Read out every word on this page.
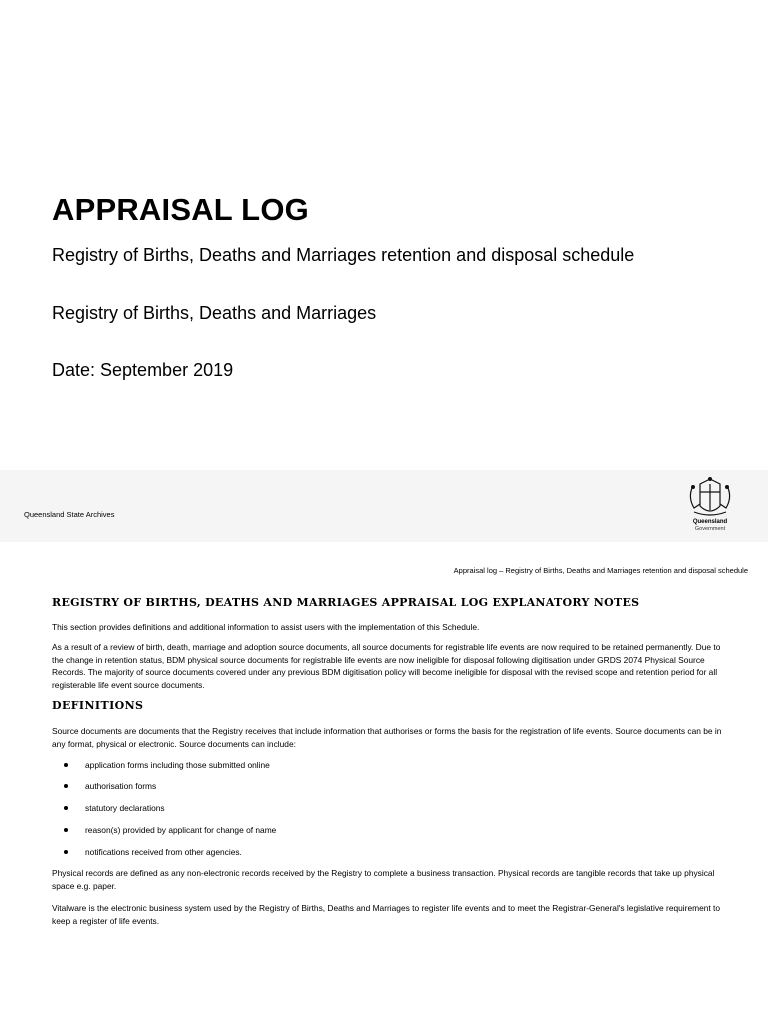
APPRAISAL LOG
Registry of Births, Deaths and Marriages retention and disposal schedule
Registry of Births, Deaths and Marriages
Date: September 2019
Queensland State Archives
Queensland
Government
Appraisal log – Registry of Births, Deaths and Marriages retention and disposal schedule
REGISTRY OF BIRTHS, DEATHS AND MARRIAGES APPRAISAL LOG EXPLANATORY NOTES

This section provides definitions and additional information to assist users with the implementation of this Schedule.

As a result of a review of birth, death, marriage and adoption source documents, all source documents for registrable life events are now required to be retained permanently. Due to the change in retention status, BDM physical source documents for registrable life events are now ineligible for disposal following digitisation under GRDS 2074 Physical Source Records. The majority of source documents covered under any previous BDM digitisation policy will become ineligible for disposal with the revised scope and retention period for all registerable life event source documents.

DEFINITIONS

Source documents are documents that the Registry receives that include information that authorises or forms the basis for the registration of life events. Source documents can be in any format, physical or electronic. Source documents can include:

application forms including those submitted online
authorisation forms
statutory declarations
reason(s) provided by applicant for change of name
notifications received from other agencies.

Physical records are defined as any non-electronic records received by the Registry to complete a business transaction. Physical records are tangible records that take up physical space e.g. paper.

Vitalware is the electronic business system used by the Registry of Births, Deaths and Marriages to register life events and to meet the Registrar-General's legislative requirement to keep a register of life events.
